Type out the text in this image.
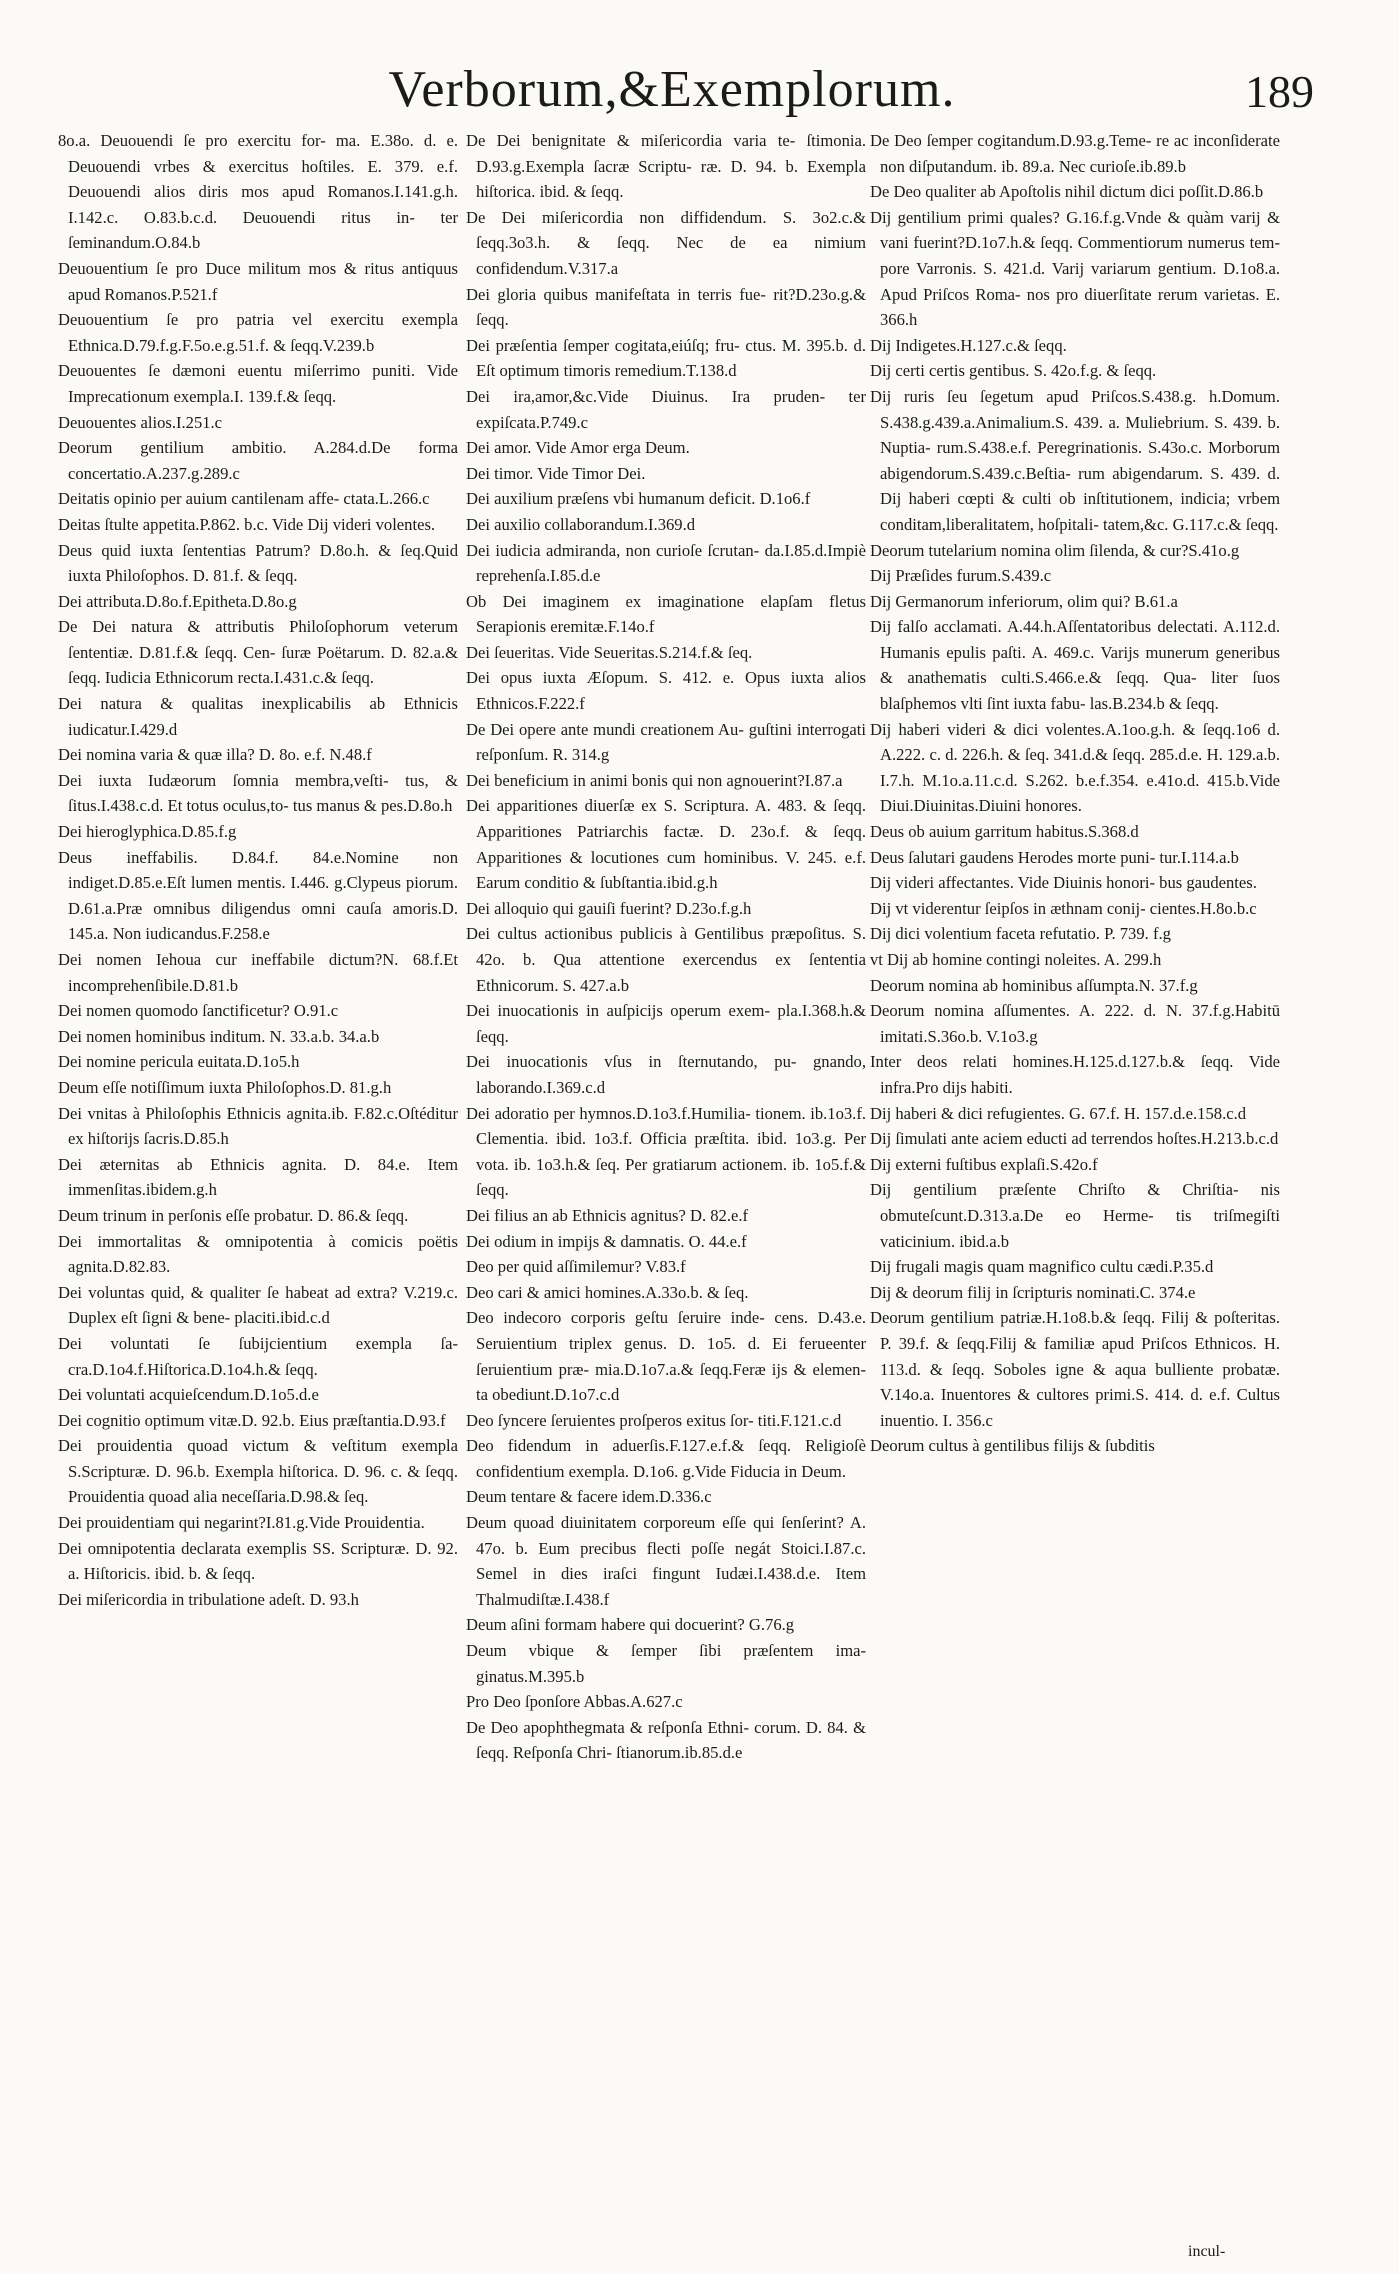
Verborum,&Exemplorum.	189

8o.a. Deuouendi ſe pro exercitu for- ma. E.38o. d. e. Deuouendi vrbes & exercitus hoſtiles. E. 379. e.f. Deuouendi alios diris mos apud Romanos.I.141.g.h. I.142.c. O.83.b.c.d. Deuouendi ritus in- ter ſeminandum.O.84.b

Deuouentium ſe pro Duce militum mos & ritus antiquus apud Romanos.P.521.f

Deuouentium ſe pro patria vel exercitu exempla Ethnica.D.79.f.g.F.5o.e.g.51.f. & ſeqq.V.239.b

Deuouentes ſe dæmoni euentu miſerrimo puniti. Vide Imprecationum exempla.I. 139.f.& ſeqq.

Deuouentes alios.I.251.c

Deorum gentilium ambitio. A.284.d.De forma concertatio.A.237.g.289.c

Deitatis opinio per auium cantilenam affe- ctata.L.266.c

Deitas ſtulte appetita.P.862. b.c. Vide Dij videri volentes.

Deus quid iuxta ſententias Patrum? D.8o.h. & ſeq.Quid iuxta Philoſophos. D. 81.f. & ſeqq.

Dei attributa.D.8o.f.Epitheta.D.8o.g

De Dei natura & attributis Philoſophorum veterum ſententiæ. D.81.f.& ſeqq. Cen- ſuræ Poëtarum. D. 82.a.& ſeqq. Iudicia Ethnicorum recta.I.431.c.& ſeqq.

Dei natura & qualitas inexplicabilis ab Ethnicis iudicatur.I.429.d

Dei nomina varia & quæ illa? D. 8o. e.f. N.48.f

Dei iuxta Iudæorum ſomnia membra,veſti- tus, & ſitus.I.438.c.d. Et totus oculus,to- tus manus & pes.D.8o.h

Dei hieroglyphica.D.85.f.g

Deus ineffabilis. D.84.f. 84.e.Nomine non indiget.D.85.e.Eſt lumen mentis. I.446. g.Clypeus piorum. D.61.a.Præ omnibus diligendus omni cauſa amoris.D. 145.a. Non iudicandus.F.258.e

Dei nomen Iehoua cur ineffabile dictum?N. 68.f.Et incomprehenſibile.D.81.b

Dei nomen quomodo ſanctificetur? O.91.c

Dei nomen hominibus inditum. N. 33.a.b. 34.a.b

Dei nomine pericula euitata.D.1o5.h

Deum eſſe notiſſimum iuxta Philoſophos.D. 81.g.h

Dei vnitas à Philoſophis Ethnicis agnita.ib. F.82.c.Oſtéditur ex hiſtorijs ſacris.D.85.h

Dei æternitas ab Ethnicis agnita. D. 84.e. Item immenſitas.ibidem.g.h

Deum trinum in perſonis eſſe probatur. D. 86.& ſeqq.

Dei immortalitas & omnipotentia à comicis poëtis agnita.D.82.83.

Dei voluntas quid, & qualiter ſe habeat ad extra? V.219.c. Duplex eſt ſigni & bene- placiti.ibid.c.d

Dei voluntati ſe ſubijcientium exempla ſa- cra.D.1o4.f.Hiſtorica.D.1o4.h.& ſeqq.

Dei voluntati acquieſcendum.D.1o5.d.e

Dei cognitio optimum vitæ.D. 92.b. Eius præſtantia.D.93.f

Dei prouidentia quoad victum & veſtitum exempla S.Scripturæ. D. 96.b. Exempla hiſtorica. D. 96. c. & ſeqq. Prouidentia quoad alia neceſſaria.D.98.& ſeq.

Dei prouidentiam qui negarint?I.81.g.Vide Prouidentia.

Dei omnipotentia declarata exemplis SS. Scripturæ. D. 92. a. Hiſtoricis. ibid. b. & ſeqq.

Dei miſericordia in tribulatione adeſt. D. 93.h

De Dei benignitate & miſericordia varia te- ſtimonia. D.93.g.Exempla ſacræ Scriptu- ræ. D. 94. b. Exempla hiſtorica. ibid. & ſeqq.

De Dei miſericordia non diffidendum. S. 3o2.c.& ſeqq.3o3.h. & ſeqq. Nec de ea nimium confidendum.V.317.a

Dei gloria quibus manifeſtata in terris fue- rit?D.23o.g.& ſeqq.

Dei præſentia ſemper cogitata,eiúſq; fru- ctus. M. 395.b. d. Eſt optimum timoris remedium.T.138.d

Dei ira,amor,&c.Vide Diuinus. Ira pruden- ter expiſcata.P.749.c

Dei amor. Vide Amor erga Deum.

Dei timor. Vide Timor Dei.

Dei auxilium præſens vbi humanum deficit. D.1o6.f

Dei auxilio collaborandum.I.369.d

Dei iudicia admiranda, non curioſe ſcrutan- da.I.85.d.Impiè reprehenſa.I.85.d.e

Ob Dei imaginem ex imaginatione elapſam fletus Serapionis eremitæ.F.14o.f

Dei ſeueritas. Vide Seueritas.S.214.f.& ſeq.

Dei opus iuxta Æſopum. S. 412. e. Opus iuxta alios Ethnicos.F.222.f

De Dei opere ante mundi creationem Au- guſtini interrogati reſponſum. R. 314.g

Dei beneficium in animi bonis qui non agnouerint?I.87.a

Dei apparitiones diuerſæ ex S. Scriptura. A. 483. & ſeqq. Apparitiones Patriarchis factæ. D. 23o.f. & ſeqq. Apparitiones & locutiones cum hominibus. V. 245. e.f. Earum conditio & ſubſtantia.ibid.g.h

Dei alloquio qui gauiſi fuerint? D.23o.f.g.h

Dei cultus actionibus publicis à Gentilibus præpoſitus. S. 42o. b. Qua attentione exercendus ex ſententia Ethnicorum. S. 427.a.b

Dei inuocationis in auſpicijs operum exem- pla.I.368.h.& ſeqq.

Dei inuocationis vſus in ſternutando, pu- gnando, laborando.I.369.c.d

Dei adoratio per hymnos.D.1o3.f.Humilia- tionem. ib.1o3.f. Clementia. ibid. 1o3.f. Officia præſtita. ibid. 1o3.g. Per vota. ib. 1o3.h.& ſeq. Per gratiarum actionem. ib. 1o5.f.& ſeqq.

Dei filius an ab Ethnicis agnitus? D. 82.e.f

Dei odium in impijs & damnatis. O. 44.e.f

Deo per quid aſſimilemur? V.83.f

Deo cari & amici homines.A.33o.b. & ſeq.

Deo indecoro corporis geſtu ſeruire inde- cens. D.43.e. Seruientium triplex genus. D. 1o5. d. Ei ferueenter ſeruientium præ- mia.D.1o7.a.& ſeqq.Feræ ijs & elemen- ta obediunt.D.1o7.c.d

Deo ſyncere ſeruientes proſperos exitus ſor- titi.F.121.c.d

Deo fidendum in aduerſis.F.127.e.f.& ſeqq. Religioſè confidentium exempla. D.1o6. g.Vide Fiducia in Deum.

Deum tentare & facere idem.D.336.c

Deum quoad diuinitatem corporeum eſſe qui ſenſerint? A. 47o. b. Eum precibus flecti poſſe negát Stoici.I.87.c. Semel in dies iraſci fingunt Iudæi.I.438.d.e. Item Thalmudiſtæ.I.438.f

Deum aſini formam habere qui docuerint? G.76.g

Deum vbique & ſemper ſibi præſentem ima- ginatus.M.395.b

Pro Deo ſponſore Abbas.A.627.c

De Deo apophthegmata & reſponſa Ethni- corum. D. 84. & ſeqq. Reſponſa Chri- ſtianorum.ib.85.d.e

De Deo ſemper cogitandum.D.93.g.Teme- re ac inconſiderate non diſputandum. ib. 89.a. Nec curioſe.ib.89.b

De Deo qualiter ab Apoſtolis nihil dictum dici poſſit.D.86.b

Dij gentilium primi quales? G.16.f.g.Vnde & quàm varij & vani fuerint?D.1o7.h.& ſeqq. Commentiorum numerus tem- pore Varronis. S. 421.d. Varij variarum gentium. D.1o8.a. Apud Priſcos Roma- nos pro diuerſitate rerum varietas. E. 366.h

Dij Indigetes.H.127.c.& ſeqq.

Dij certi certis gentibus. S. 42o.f.g. & ſeqq.

Dij ruris ſeu ſegetum apud Priſcos.S.438.g. h.Domum. S.438.g.439.a.Animalium.S. 439. a. Muliebrium. S. 439. b. Nuptia- rum.S.438.e.f. Peregrinationis. S.43o.c. Morborum abigendorum.S.439.c.Beſtia- rum abigendarum. S. 439. d. Dij haberi cœpti & culti ob inſtitutionem, indicia; vrbem conditam,liberalitatem, hoſpitali- tatem,&c. G.117.c.& ſeqq.

Deorum tutelarium nomina olim ſilenda, & cur?S.41o.g

Dij Præſides furum.S.439.c

Dij Germanorum inferiorum, olim qui? B.61.a

Dij falſo acclamati. A.44.h.Aſſentatoribus delectati. A.112.d. Humanis epulis paſti. A. 469.c. Varijs munerum generibus & anathematis culti.S.466.e.& ſeqq. Qua- liter ſuos blaſphemos vlti ſint iuxta fabu- las.B.234.b & ſeqq.

Dij haberi videri & dici volentes.A.1oo.g.h. & ſeqq.1o6 d. A.222. c. d. 226.h. & ſeq. 341.d.& ſeqq. 285.d.e. H. 129.a.b. I.7.h. M.1o.a.11.c.d. S.262. b.e.f.354. e.41o.d. 415.b.Vide Diui.Diuinitas.Diuini honores.

Deus ob auium garritum habitus.S.368.d

Deus ſalutari gaudens Herodes morte puni- tur.I.114.a.b

Dij videri affectantes. Vide Diuinis honori- bus gaudentes.

Dij vt viderentur ſeipſos in æthnam conij- cientes.H.8o.b.c

Dij dici volentium faceta refutatio. P. 739. f.g

vt Dij ab homine contingi noleites. A. 299.h

Deorum nomina ab hominibus aſſumpta.N. 37.f.g

Deorum nomina aſſumentes. A. 222. d. N. 37.f.g.Habitū imitati.S.36o.b. V.1o3.g

Inter deos relati homines.H.125.d.127.b.& ſeqq. Vide infra.Pro dijs habiti.

Dij haberi & dici refugientes. G. 67.f. H. 157.d.e.158.c.d

Dij ſimulati ante aciem educti ad terrendos hoſtes.H.213.b.c.d

Dij externi fuſtibus explaſi.S.42o.f

Dij gentilium præſente Chriſto & Chriſtia- nis obmuteſcunt.D.313.a.De eo Herme- tis triſmegiſti vaticinium. ibid.a.b

Dij frugali magis quam magnifico cultu cædi.P.35.d

Dij & deorum filij in ſcripturis nominati.C. 374.e

Deorum gentilium patriæ.H.1o8.b.& ſeqq. Filij & poſteritas. P. 39.f. & ſeqq.Filij & familiæ apud Priſcos Ethnicos. H. 113.d. & ſeqq. Soboles igne & aqua bulliente probatæ. V.14o.a. Inuentores & cultores primi.S. 414. d. e.f. Cultus inuentio. I. 356.c

Deorum cultus à gentilibus filijs & ſubditis

incul-
